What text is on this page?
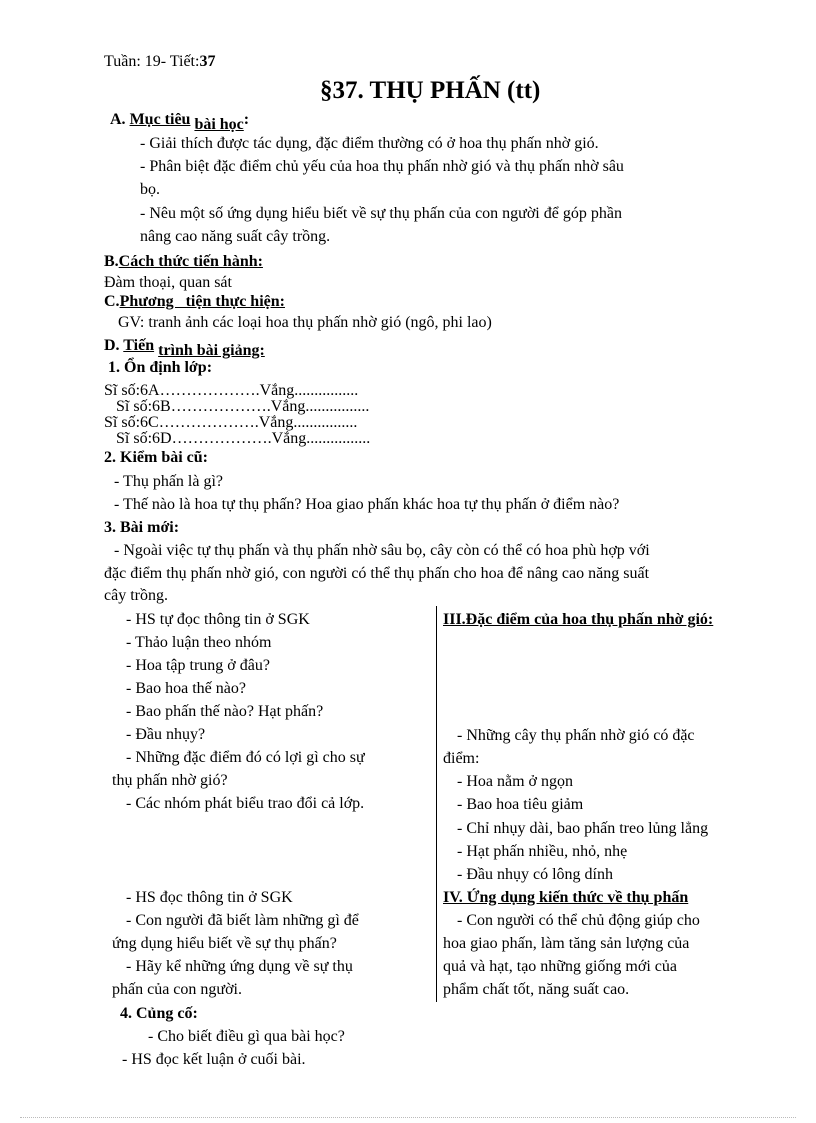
Tuần: 19- Tiết:37
§37. THỤ PHẤN (tt)
A. Mục tiêu bài học:
- Giải thích được tác dụng, đặc điểm thường có ở hoa thụ phấn nhờ gió.
- Phân biệt đặc điểm chủ yếu của hoa thụ phấn nhờ gió và thụ phấn nhờ sâu
bọ.
- Nêu một số ứng dụng hiểu biết về sự thụ phấn của con người để góp phần
nâng cao năng suất cây trồng.
B.Cách thức tiến hành:
Đàm thoại, quan sát
C.Phương   tiện thực hiện:
GV: tranh ảnh các loại hoa thụ phấn nhờ gió (ngô, phi lao)
D. Tiến trình bài giảng:
1. Ổn định lớp:
Sĩ số:6A……………….Vắng................
Sĩ số:6B……………….Vắng................
Sĩ số:6C……………….Vắng................
Sĩ số:6D……………….Vắng................
2. Kiểm bài cũ:
- Thụ phấn là gì?
- Thế nào là hoa tự thụ phấn? Hoa giao phấn khác hoa tự thụ phấn ở điểm nào?
3. Bài mới:
- Ngoài việc tự thụ phấn và thụ phấn nhờ sâu bọ, cây còn có thể có hoa phù hợp với
đặc điểm thụ phấn nhờ gió, con người có thể thụ phấn cho hoa để nâng cao năng suất
cây trồng.
- HS tự đọc thông tin ở SGK
- Thảo luận theo nhóm
- Hoa tập trung ở đâu?
- Bao hoa thế nào?
- Bao phấn thế nào? Hạt phấn?
- Đầu nhụy?
- Những đặc điểm đó có lợi gì cho sự
thụ phấn nhờ gió?
- Các nhóm phát biểu trao đổi cả lớp.
III.Đặc điểm của hoa thụ phấn nhờ gió:
- Những cây thụ phấn nhờ gió có đặc
điểm:
- Hoa nằm ở ngọn
- Bao hoa tiêu giảm
- Chỉ nhụy dài, bao phấn treo lủng lẳng
- Hạt phấn nhiều, nhỏ, nhẹ
- Đầu nhụy có lông dính
- HS đọc thông tin ở SGK
- Con người đã biết làm những gì để
ứng dụng hiểu biết về sự thụ phấn?
- Hãy kể những ứng dụng về sự thụ
phấn của con người.
IV. Ứng dụng kiến thức về thụ phấn
- Con người có thể chủ động giúp cho
hoa giao phấn, làm tăng sản lượng của
quả và hạt, tạo những giống mới của
phẩm chất tốt, năng suất cao.
4. Củng cố:
- Cho biết điều gì qua bài học?
- HS đọc kết luận ở cuối bài.
